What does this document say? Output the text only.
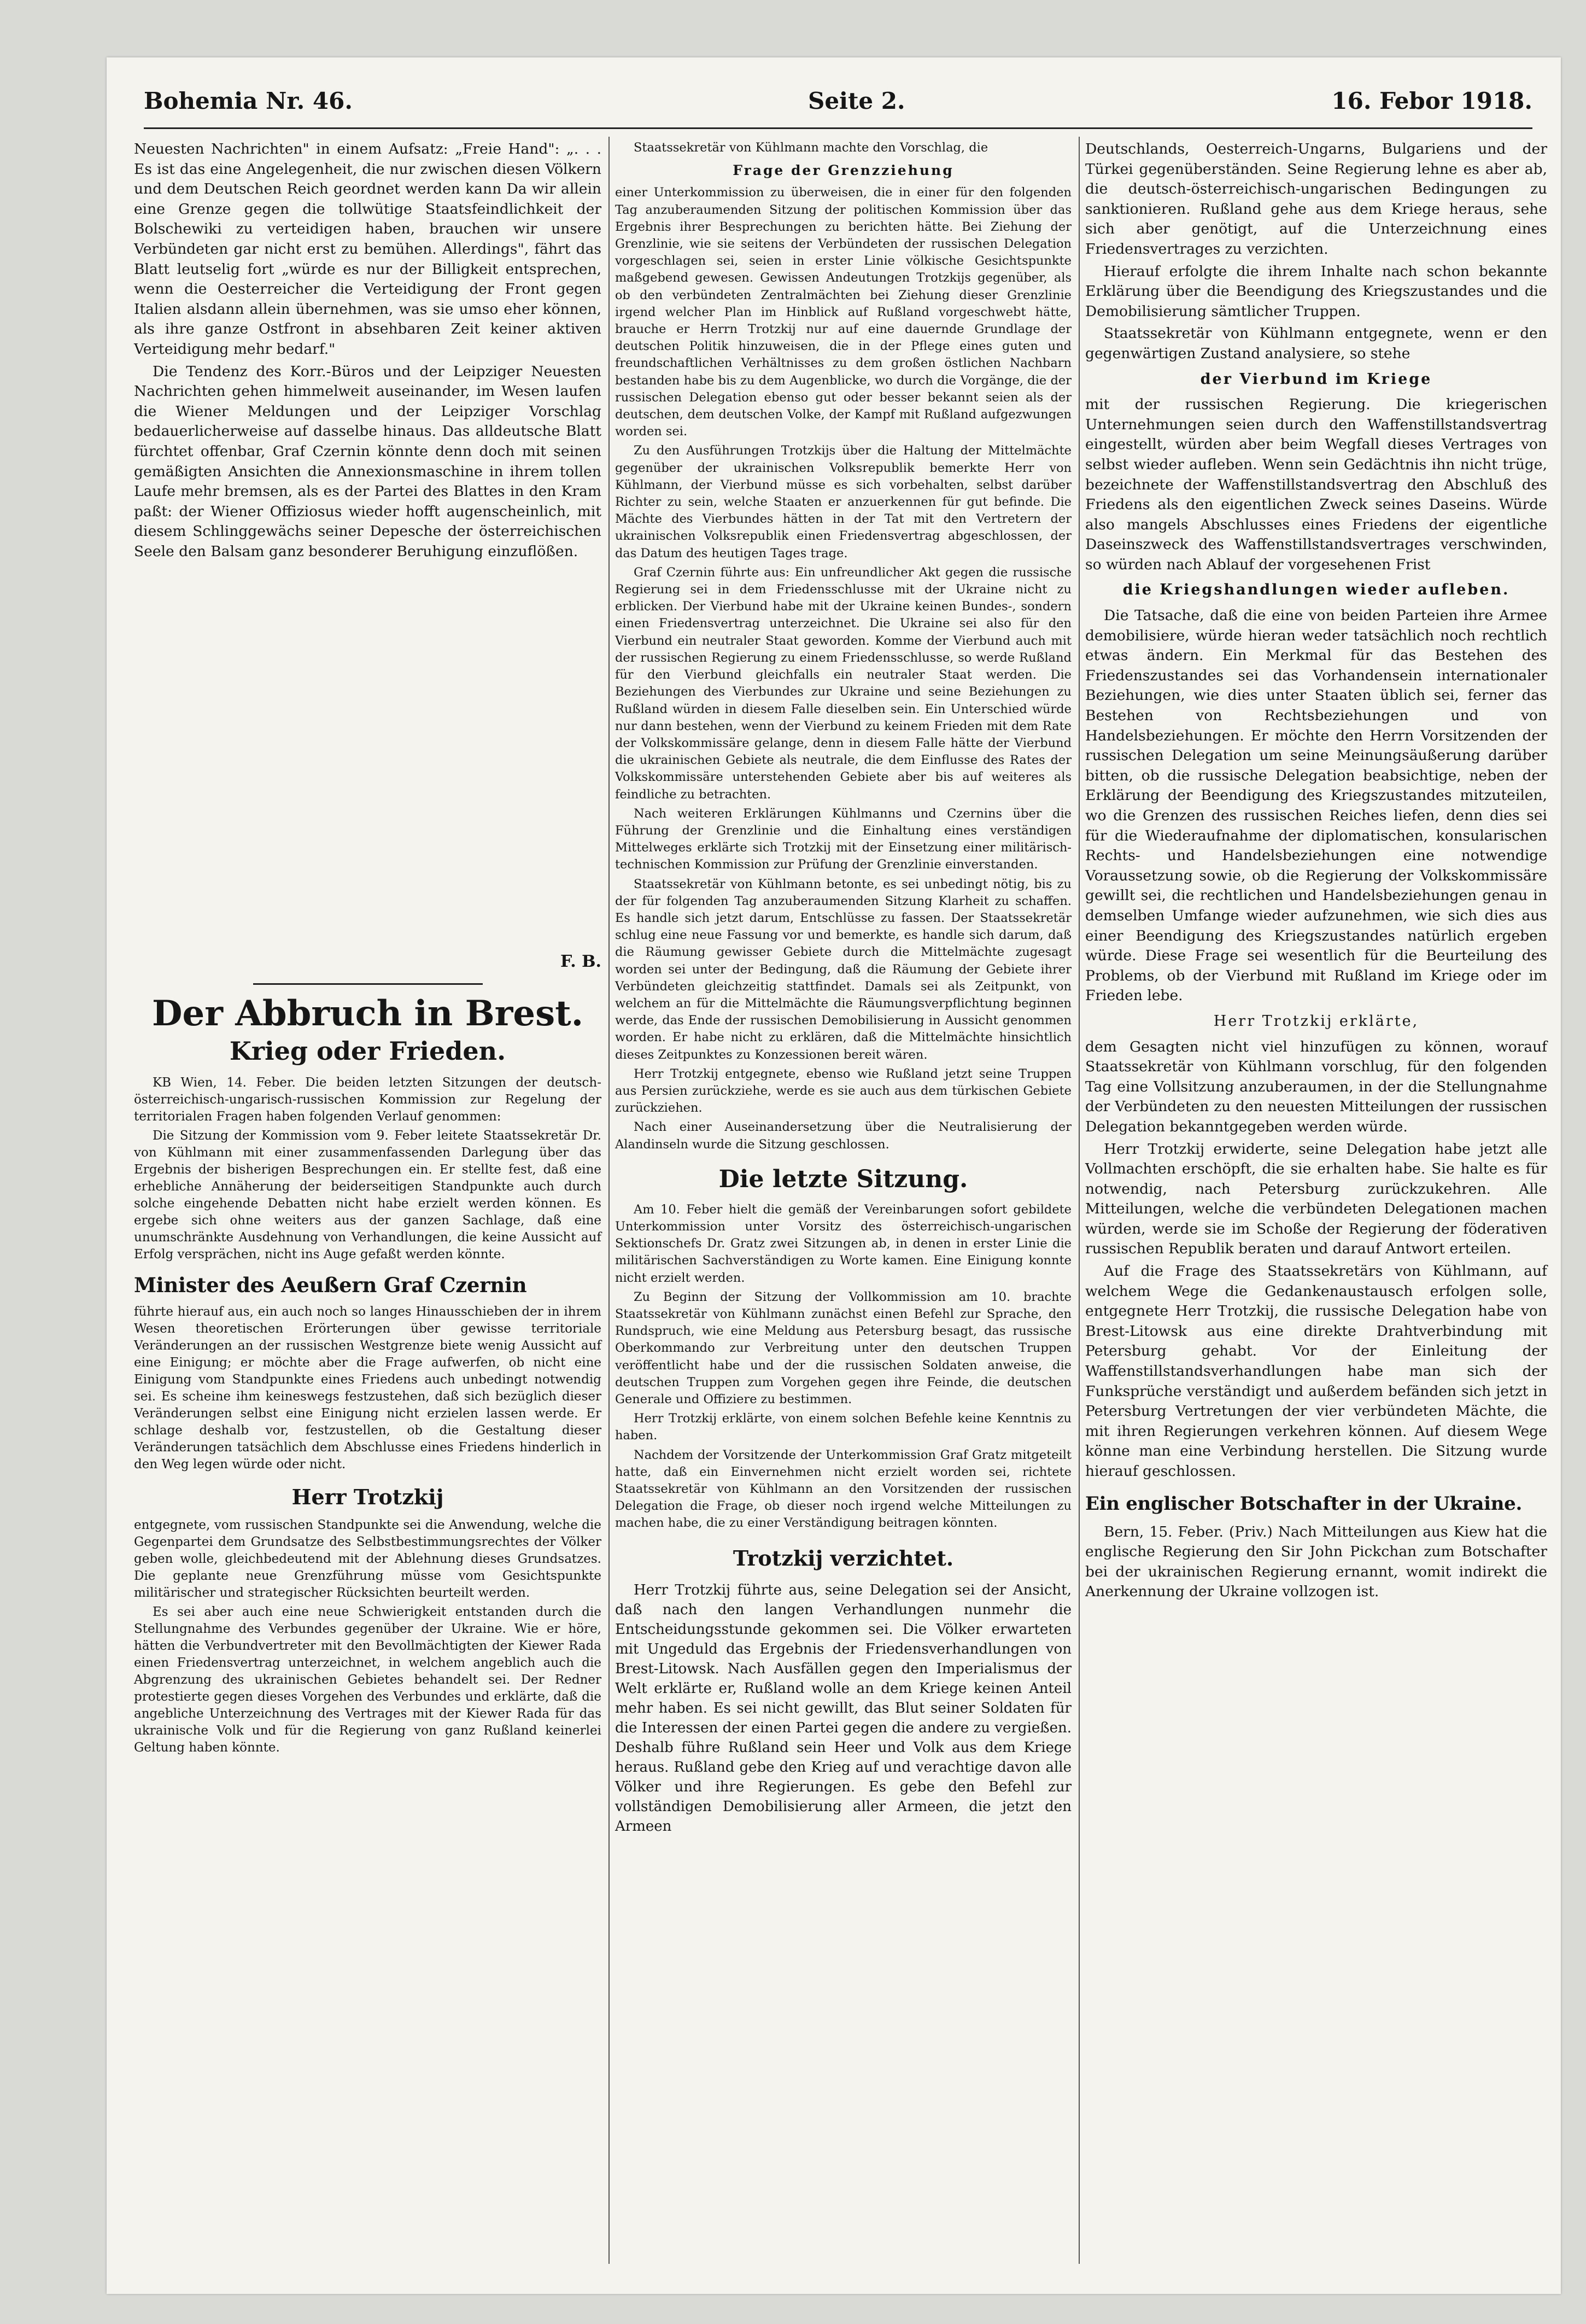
Bohemia Nr. 46.	Seite 2.	16. Febor 1918.

Neuesten Nachrichten" in einem Aufsatz: „Freie Hand": „. . . Es ist das eine Angelegenheit, die nur zwischen diesen Völkern und dem Deutschen Reich geordnet werden kann Da wir allein eine Grenze gegen die tollwütige Staatsfeindlichkeit der Bolschewiki zu verteidigen haben, brauchen wir unsere Verbündeten gar nicht erst zu bemühen. Allerdings", fährt das Blatt leutselig fort „würde es nur der Billigkeit entsprechen, wenn die Oesterreicher die Verteidigung der Front gegen Italien alsdann allein übernehmen, was sie umso eher können, als ihre ganze Ostfront in absehbaren Zeit keiner aktiven Verteidigung mehr bedarf."

Die Tendenz des Korr.-Büros und der Leipziger Neuesten Nachrichten gehen himmelweit auseinander, im Wesen laufen die Wiener Meldungen und der Leipziger Vorschlag bedauerlicherweise auf dasselbe hinaus. Das alldeutsche Blatt fürchtet offenbar, Graf Czernin könnte denn doch mit seinen gemäßigten Ansichten die Annexionsmaschine in ihrem tollen Laufe mehr bremsen, als es der Partei des Blattes in den Kram paßt: der Wiener Offiziosus wieder hofft augenscheinlich, mit diesem Schlinggewächs seiner Depesche der österreichischen Seele den Balsam ganz besonderer Beruhigung einzuflößen.

F. B.

Der Abbruch in Brest.
Krieg oder Frieden.

KB Wien, 14. Feber. Die beiden letzten Sitzungen der deutsch-österreichisch-ungarisch-russischen Kommission zur Regelung der territorialen Fragen haben folgenden Verlauf genommen:

Die Sitzung der Kommission vom 9. Feber leitete Staatssekretär Dr. von Kühlmann mit einer zusammenfassenden Darlegung über das Ergebnis der bisherigen Besprechungen ein. Er stellte fest, daß eine erhebliche Annäherung der beiderseitigen Standpunkte auch durch solche eingehende Debatten nicht habe erzielt werden können. Es ergebe sich ohne weiters aus der ganzen Sachlage, daß eine unumschränkte Ausdehnung von Verhandlungen, die keine Aussicht auf Erfolg versprächen, nicht ins Auge gefaßt werden könnte.

Minister des Aeußern Graf Czernin

führte hierauf aus, ein auch noch so langes Hinausschieben der in ihrem Wesen theoretischen Erörterungen über gewisse territoriale Veränderungen an der russischen Westgrenze biete wenig Aussicht auf eine Einigung; er möchte aber die Frage aufwerfen, ob nicht eine Einigung vom Standpunkte eines Friedens auch unbedingt notwendig sei. Es scheine ihm keineswegs festzustehen, daß sich bezüglich dieser Veränderungen selbst eine Einigung nicht erzielen lassen werde. Er schlage deshalb vor, festzustellen, ob die Gestaltung dieser Veränderungen tatsächlich dem Abschlusse eines Friedens hinderlich in den Weg legen würde oder nicht.

Herr Trotzkij

entgegnete, vom russischen Standpunkte sei die Anwendung, welche die Gegenpartei dem Grundsatze des Selbstbestimmungsrechtes der Völker geben wolle, gleichbedeutend mit der Ablehnung dieses Grundsatzes. Die geplante neue Grenzführung müsse vom Gesichtspunkte militärischer und strategischer Rücksichten beurteilt werden.

Es sei aber auch eine neue Schwierigkeit entstanden durch die Stellungnahme des Verbundes gegenüber der Ukraine. Wie er höre, hätten die Verbundvertreter mit den Bevollmächtigten der Kiewer Rada einen Friedensvertrag unterzeichnet, in welchem angeblich auch die Abgrenzung des ukrainischen Gebietes behandelt sei. Der Redner protestierte gegen dieses Vorgehen des Verbundes und erklärte, daß die angebliche Unterzeichnung des Vertrages mit der Kiewer Rada für das ukrainische Volk und für die Regierung von ganz Rußland keinerlei Geltung haben könnte.

Staatssekretär von Kühlmann machte den Vorschlag, die

Frage der Grenzziehung

einer Unterkommission zu überweisen, die in einer für den folgenden Tag anzuberaumenden Sitzung der politischen Kommission über das Ergebnis ihrer Besprechungen zu berichten hätte. Bei Ziehung der Grenzlinie, wie sie seitens der Verbündeten der russischen Delegation vorgeschlagen sei, seien in erster Linie völkische Gesichtspunkte maßgebend gewesen. Gewissen Andeutungen Trotzkijs gegenüber, als ob den verbündeten Zentralmächten bei Ziehung dieser Grenzlinie irgend welcher Plan im Hinblick auf Rußland vorgeschwebt hätte, brauche er Herrn Trotzkij nur auf eine dauernde Grundlage der deutschen Politik hinzuweisen, die in der Pflege eines guten und freundschaftlichen Verhältnisses zu dem großen östlichen Nachbarn bestanden habe bis zu dem Augenblicke, wo durch die Vorgänge, die der russischen Delegation ebenso gut oder besser bekannt seien als der deutschen, dem deutschen Volke, der Kampf mit Rußland aufgezwungen worden sei.

Zu den Ausführungen Trotzkijs über die Haltung der Mittelmächte gegenüber der ukrainischen Volksrepublik bemerkte Herr von Kühlmann, der Vierbund müsse es sich vorbehalten, selbst darüber Richter zu sein, welche Staaten er anzuerkennen für gut befinde. Die Mächte des Vierbundes hätten in der Tat mit den Vertretern der ukrainischen Volksrepublik einen Friedensvertrag abgeschlossen, der das Datum des heutigen Tages trage.

Graf Czernin führte aus: Ein unfreundlicher Akt gegen die russische Regierung sei in dem Friedensschlusse mit der Ukraine nicht zu erblicken. Der Vierbund habe mit der Ukraine keinen Bundes-, sondern einen Friedensvertrag unterzeichnet. Die Ukraine sei also für den Vierbund ein neutraler Staat geworden. Komme der Vierbund auch mit der russischen Regierung zu einem Friedensschlusse, so werde Rußland für den Vierbund gleichfalls ein neutraler Staat werden. Die Beziehungen des Vierbundes zur Ukraine und seine Beziehungen zu Rußland würden in diesem Falle dieselben sein. Ein Unterschied würde nur dann bestehen, wenn der Vierbund zu keinem Frieden mit dem Rate der Volkskommissäre gelange, denn in diesem Falle hätte der Vierbund die ukrainischen Gebiete als neutrale, die dem Einflusse des Rates der Volkskommissäre unterstehenden Gebiete aber bis auf weiteres als feindliche zu betrachten.

Nach weiteren Erklärungen Kühlmanns und Czernins über die Führung der Grenzlinie und die Einhaltung eines verständigen Mittelweges erklärte sich Trotzkij mit der Einsetzung einer militärisch-technischen Kommission zur Prüfung der Grenzlinie einverstanden.

Staatssekretär von Kühlmann betonte, es sei unbedingt nötig, bis zu der für folgenden Tag anzuberaumenden Sitzung Klarheit zu schaffen. Es handle sich jetzt darum, Entschlüsse zu fassen. Der Staatssekretär schlug eine neue Fassung vor und bemerkte, es handle sich darum, daß die Räumung gewisser Gebiete durch die Mittelmächte zugesagt worden sei unter der Bedingung, daß die Räumung der Gebiete ihrer Verbündeten gleichzeitig stattfindet. Damals sei als Zeitpunkt, von welchem an für die Mittelmächte die Räumungsverpflichtung beginnen werde, das Ende der russischen Demobilisierung in Aussicht genommen worden. Er habe nicht zu erklären, daß die Mittelmächte hinsichtlich dieses Zeitpunktes zu Konzessionen bereit wären.

Herr Trotzkij entgegnete, ebenso wie Rußland jetzt seine Truppen aus Persien zurückziehe, werde es sie auch aus dem türkischen Gebiete zurückziehen.

Nach einer Auseinandersetzung über die Neutralisierung der Alandinseln wurde die Sitzung geschlossen.

Die letzte Sitzung.

Am 10. Feber hielt die gemäß der Vereinbarungen sofort gebildete Unterkommission unter Vorsitz des österreichisch-ungarischen Sektionschefs Dr. Gratz zwei Sitzungen ab, in denen in erster Linie die militärischen Sachverständigen zu Worte kamen. Eine Einigung konnte nicht erzielt werden.

Zu Beginn der Sitzung der Vollkommission am 10. brachte Staatssekretär von Kühlmann zunächst einen Befehl zur Sprache, den Rundspruch, wie eine Meldung aus Petersburg besagt, das russische Oberkommando zur Verbreitung unter den deutschen Truppen veröffentlicht habe und der die russischen Soldaten anweise, die deutschen Truppen zum Vorgehen gegen ihre Feinde, die deutschen Generale und Offiziere zu bestimmen.

Herr Trotzkij erklärte, von einem solchen Befehle keine Kenntnis zu haben.

Nachdem der Vorsitzende der Unterkommission Graf Gratz mitgeteilt hatte, daß ein Einvernehmen nicht erzielt worden sei, richtete Staatssekretär von Kühlmann an den Vorsitzenden der russischen Delegation die Frage, ob dieser noch irgend welche Mitteilungen zu machen habe, die zu einer Verständigung beitragen könnten.

Trotzkij verzichtet.

Herr Trotzkij führte aus, seine Delegation sei der Ansicht, daß nach den langen Verhandlungen nunmehr die Entscheidungsstunde gekommen sei. Die Völker erwarteten mit Ungeduld das Ergebnis der Friedensverhandlungen von Brest-Litowsk. Nach Ausfällen gegen den Imperialismus der Welt erklärte er, Rußland wolle an dem Kriege keinen Anteil mehr haben. Es sei nicht gewillt, das Blut seiner Soldaten für die Interessen der einen Partei gegen die andere zu vergießen. Deshalb führe Rußland sein Heer und Volk aus dem Kriege heraus. Rußland gebe den Krieg auf und verachtige davon alle Völker und ihre Regierungen. Es gebe den Befehl zur vollständigen Demobilisierung aller Armeen, die jetzt den Armeen

Deutschlands, Oesterreich-Ungarns, Bulgariens und der Türkei gegenüberständen. Seine Regierung lehne es aber ab, die deutsch-österreichisch-ungarischen Bedingungen zu sanktionieren. Rußland gehe aus dem Kriege heraus, sehe sich aber genötigt, auf die Unterzeichnung eines Friedensvertrages zu verzichten.

Hierauf erfolgte die ihrem Inhalte nach schon bekannte Erklärung über die Beendigung des Kriegszustandes und die Demobilisierung sämtlicher Truppen.

Staatssekretär von Kühlmann entgegnete, wenn er den gegenwärtigen Zustand analysiere, so stehe

der Vierbund im Kriege

mit der russischen Regierung. Die kriegerischen Unternehmungen seien durch den Waffenstillstandsvertrag eingestellt, würden aber beim Wegfall dieses Vertrages von selbst wieder aufleben. Wenn sein Gedächtnis ihn nicht trüge, bezeichnete der Waffenstillstandsvertrag den Abschluß des Friedens als den eigentlichen Zweck seines Daseins. Würde also mangels Abschlusses eines Friedens der eigentliche Daseinszweck des Waffenstillstandsvertrages verschwinden, so würden nach Ablauf der vorgesehenen Frist

die Kriegshandlungen wieder aufleben.

Die Tatsache, daß die eine von beiden Parteien ihre Armee demobilisiere, würde hieran weder tatsächlich noch rechtlich etwas ändern. Ein Merkmal für das Bestehen des Friedenszustandes sei das Vorhandensein internationaler Beziehungen, wie dies unter Staaten üblich sei, ferner das Bestehen von Rechtsbeziehungen und von Handelsbeziehungen. Er möchte den Herrn Vorsitzenden der russischen Delegation um seine Meinungsäußerung darüber bitten, ob die russische Delegation beabsichtige, neben der Erklärung der Beendigung des Kriegszustandes mitzuteilen, wo die Grenzen des russischen Reiches liefen, denn dies sei für die Wiederaufnahme der diplomatischen, konsularischen Rechts- und Handelsbeziehungen eine notwendige Voraussetzung sowie, ob die Regierung der Volkskommissäre gewillt sei, die rechtlichen und Handelsbeziehungen genau in demselben Umfange wieder aufzunehmen, wie sich dies aus einer Beendigung des Kriegszustandes natürlich ergeben würde. Diese Frage sei wesentlich für die Beurteilung des Problems, ob der Vierbund mit Rußland im Kriege oder im Frieden lebe.

Herr Trotzkij erklärte,

dem Gesagten nicht viel hinzufügen zu können, worauf Staatssekretär von Kühlmann vorschlug, für den folgenden Tag eine Vollsitzung anzuberaumen, in der die Stellungnahme der Verbündeten zu den neuesten Mitteilungen der russischen Delegation bekanntgegeben werden würde.

Herr Trotzkij erwiderte, seine Delegation habe jetzt alle Vollmachten erschöpft, die sie erhalten habe. Sie halte es für notwendig, nach Petersburg zurückzukehren. Alle Mitteilungen, welche die verbündeten Delegationen machen würden, werde sie im Schoße der Regierung der föderativen russischen Republik beraten und darauf Antwort erteilen.

Auf die Frage des Staatssekretärs von Kühlmann, auf welchem Wege die Gedankenaustausch erfolgen solle, entgegnete Herr Trotzkij, die russische Delegation habe von Brest-Litowsk aus eine direkte Drahtverbindung mit Petersburg gehabt. Vor der Einleitung der Waffenstillstandsverhandlungen habe man sich der Funksprüche verständigt und außerdem befänden sich jetzt in Petersburg Vertretungen der vier verbündeten Mächte, die mit ihren Regierungen verkehren können. Auf diesem Wege könne man eine Verbindung herstellen. Die Sitzung wurde hierauf geschlossen.

Ein englischer Botschafter in der Ukraine.

Bern, 15. Feber. (Priv.) Nach Mitteilungen aus Kiew hat die englische Regierung den Sir John Pickchan zum Botschafter bei der ukrainischen Regierung ernannt, womit indirekt die Anerkennung der Ukraine vollzogen ist.
